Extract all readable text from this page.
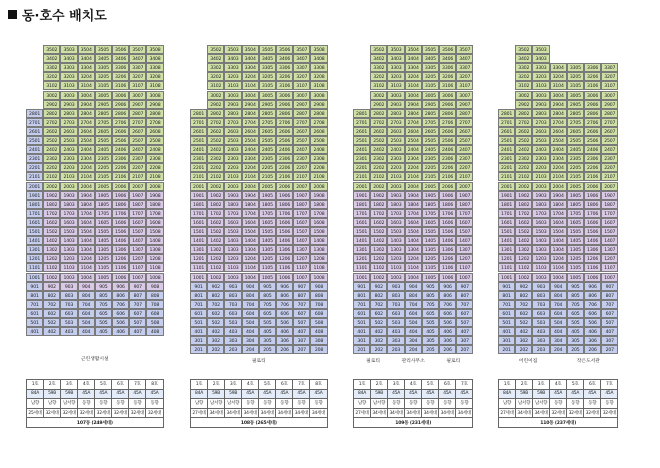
동·호수 배치도
3502	3503	3504	3505	3506	3507	3508
3402	3403	3404	3405	3406	3407	3408
3302	3303	3304	3305	3306	3307	3308
3202	3203	3204	3205	3206	3207	3208
3102	3103	3104	3105	3106	3107	3108
3002	3003	3004	3005	3006	3007	3008
2902	2903	2904	2905	2906	2907	2908
2801	2802	2803	2804	2805	2806	2807	2808
2701	2702	2703	2704	2705	2706	2707	2708
2601	2602	2603	2604	2605	2606	2607	2608
2501	2502	2503	2504	2505	2506	2507	2508
2401	2402	2403	2404	2405	2406	2407	2408
2301	2302	2303	2304	2305	2306	2307	2308
2201	2202	2203	2204	2205	2206	2207	2208
2101	2102	2103	2104	2105	2106	2107	2108
2001	2002	2003	2004	2005	2006	2007	2008
1901	1902	1903	1904	1905	1906	1907	1908
1801	1802	1803	1804	1805	1806	1807	1808
1701	1702	1703	1704	1705	1706	1707	1708
1601	1602	1603	1604	1605	1606	1607	1608
1501	1502	1503	1504	1505	1506	1507	1508
1401	1402	1403	1404	1405	1406	1407	1408
1301	1302	1303	1304	1305	1306	1307	1308
1201	1202	1203	1204	1205	1206	1207	1208
1101	1102	1103	1104	1105	1106	1107	1108
1001	1002	1003	1004	1005	1006	1007	1008
901	902	903	904	905	906	907	908
801	802	803	804	805	806	807	808
701	702	703	704	705	706	707	708
601	602	603	604	605	606	607	608
501	502	503	504	505	506	507	508
401	402	403	404	405	406	407	408
근린생활시설
1호	2호	3호	4호	5호	6호	7호	8호
84A	59B	59B	45A	45A	45A	45A	45A
남향	남향	남서향	동향	동향	동향	동향	동향
25세대	32세대	32세대	32세대	32세대	32세대	32세대	32세대
107동 (249세대)							
3502	3503	3504	3505	3506	3507	3508
3402	3403	3404	3405	3406	3407	3408
3302	3303	3304	3305	3306	3307	3308
3202	3203	3204	3205	3206	3207	3208
3102	3103	3104	3105	3106	3107	3108
3002	3003	3004	3005	3006	3007	3008
2902	2903	2904	2905	2906	2907	2908
2801	2802	2803	2804	2805	2806	2807	2808
2701	2702	2703	2704	2705	2706	2707	2708
2601	2602	2603	2604	2605	2606	2607	2608
2501	2502	2503	2504	2505	2506	2507	2508
2401	2402	2403	2404	2405	2406	2407	2408
2301	2302	2303	2304	2305	2306	2307	2308
2201	2202	2203	2204	2205	2206	2207	2208
2101	2102	2103	2104	2105	2106	2107	2108
2001	2002	2003	2004	2005	2006	2007	2008
1901	1902	1903	1904	1905	1906	1907	1908
1801	1802	1803	1804	1805	1806	1807	1808
1701	1702	1703	1704	1705	1706	1707	1708
1601	1602	1603	1604	1605	1606	1607	1608
1501	1502	1503	1504	1505	1506	1507	1508
1401	1402	1403	1404	1405	1406	1407	1408
1301	1302	1303	1304	1305	1306	1307	1308
1201	1202	1203	1204	1205	1206	1207	1208
1101	1102	1103	1104	1105	1106	1107	1108
1001	1002	1003	1004	1005	1006	1007	1008
901	902	903	904	905	906	907	908
801	802	803	804	805	806	807	808
701	702	703	704	705	706	707	708
601	602	603	604	605	606	607	608
501	502	503	504	505	506	507	508
401	402	403	404	405	406	407	408
301	302	303	304	305	306	307	308
201	202	203	204	205	206	207	208
필로티
1호	2호	3호	4호	5호	6호	7호	8호
84A	59B	59B	45A	45A	45A	45A	45A
남향	남서향	남서향	동향	동향	동향	동향	동향
27세대	34세대	34세대	34세대	34세대	34세대	34세대	34세대
108동 (265세대)							
3502	3503	3504	3505	3506	3507
3402	3403	3404	3405	3406	3407
3302	3303	3304	3305	3306	3307
3202	3203	3204	3205	3206	3207
3102	3103	3104	3105	3106	3107
3002	3003	3004	3005	3006	3007
2902	2903	2904	2905	2906	2907
2801	2802	2803	2804	2805	2806	2807
2701	2702	2703	2704	2705	2706	2707
2601	2602	2603	2604	2605	2606	2607
2501	2502	2503	2504	2505	2506	2507
2401	2402	2403	2404	2405	2406	2407
2301	2302	2303	2304	2305	2306	2307
2201	2202	2203	2204	2205	2206	2207
2101	2102	2103	2104	2105	2106	2107
2001	2002	2003	2004	2005	2006	2007
1901	1902	1903	1904	1905	1906	1907
1801	1802	1803	1804	1805	1806	1807
1701	1702	1703	1704	1705	1706	1707
1601	1602	1603	1604	1605	1606	1607
1501	1502	1503	1504	1505	1506	1507
1401	1402	1403	1404	1405	1406	1407
1301	1302	1303	1304	1305	1306	1307
1201	1202	1203	1204	1205	1206	1207
1101	1102	1103	1104	1105	1106	1107
1001	1002	1003	1004	1005	1006	1007
901	902	903	904	905	906	907
801	802	803	804	805	806	807
701	702	703	704	705	706	707
601	602	603	604	605	606	607
501	502	503	504	505	506	507
401	402	403	404	405	406	407
301	302	303	304	305	306	307
201	202	203	204	205	206	207
필로티	관리사무소	필로티
1호	2호	3호	4호	5호	6호	7호
84A	59B	45A	45A	45A	45A	45A
남향	남서향	동향	동향	동향	동향	동향
27세대	34세대	34세대	34세대	34세대	34세대	34세대
109동 (231세대)						
3502	3503
3402	3403
3302	3303	3304	3305	3306	3307
3202	3203	3204	3205	3206	3207
3102	3103	3104	3105	3106	3107
3002	3003	3004	3005	3006	3007
2902	2903	2904	2905	2906	2907
2801	2802	2803	2804	2805	2806	2807
2701	2702	2703	2704	2705	2706	2707
2601	2602	2603	2604	2605	2606	2607
2501	2502	2503	2504	2505	2506	2507
2401	2402	2403	2404	2405	2406	2407
2301	2302	2303	2304	2305	2306	2307
2201	2202	2203	2204	2205	2206	2207
2101	2102	2103	2104	2105	2106	2107
2001	2002	2003	2004	2005	2006	2007
1901	1902	1903	1904	1905	1906	1907
1801	1802	1803	1804	1805	1806	1807
1701	1702	1703	1704	1705	1706	1707
1601	1602	1603	1604	1605	1606	1607
1501	1502	1503	1504	1505	1506	1507
1401	1402	1403	1404	1405	1406	1407
1301	1302	1303	1304	1305	1306	1307
1201	1202	1203	1204	1205	1206	1207
1101	1102	1103	1104	1105	1106	1107
1001	1002	1003	1004	1005	1006	1007
901	902	903	904	905	906	907
801	802	803	804	805	806	807
701	702	703	704	705	706	707
601	602	603	604	605	606	607
501	502	503	504	505	506	507
401	402	403	404	405	406	407
301	302	303	304	305	306	307
201	202	203	204	205	206	207
어린이집	작은도서관
1호	2호	3호	4호	5호	6호	7호
84A	59B	59B	45A	45A	45A	45A
남향	남서향	남서향	동향	동향	동향	동향
27세대	34세대	34세대	32세대	32세대	32세대	32세대
110동 (237세대)						
